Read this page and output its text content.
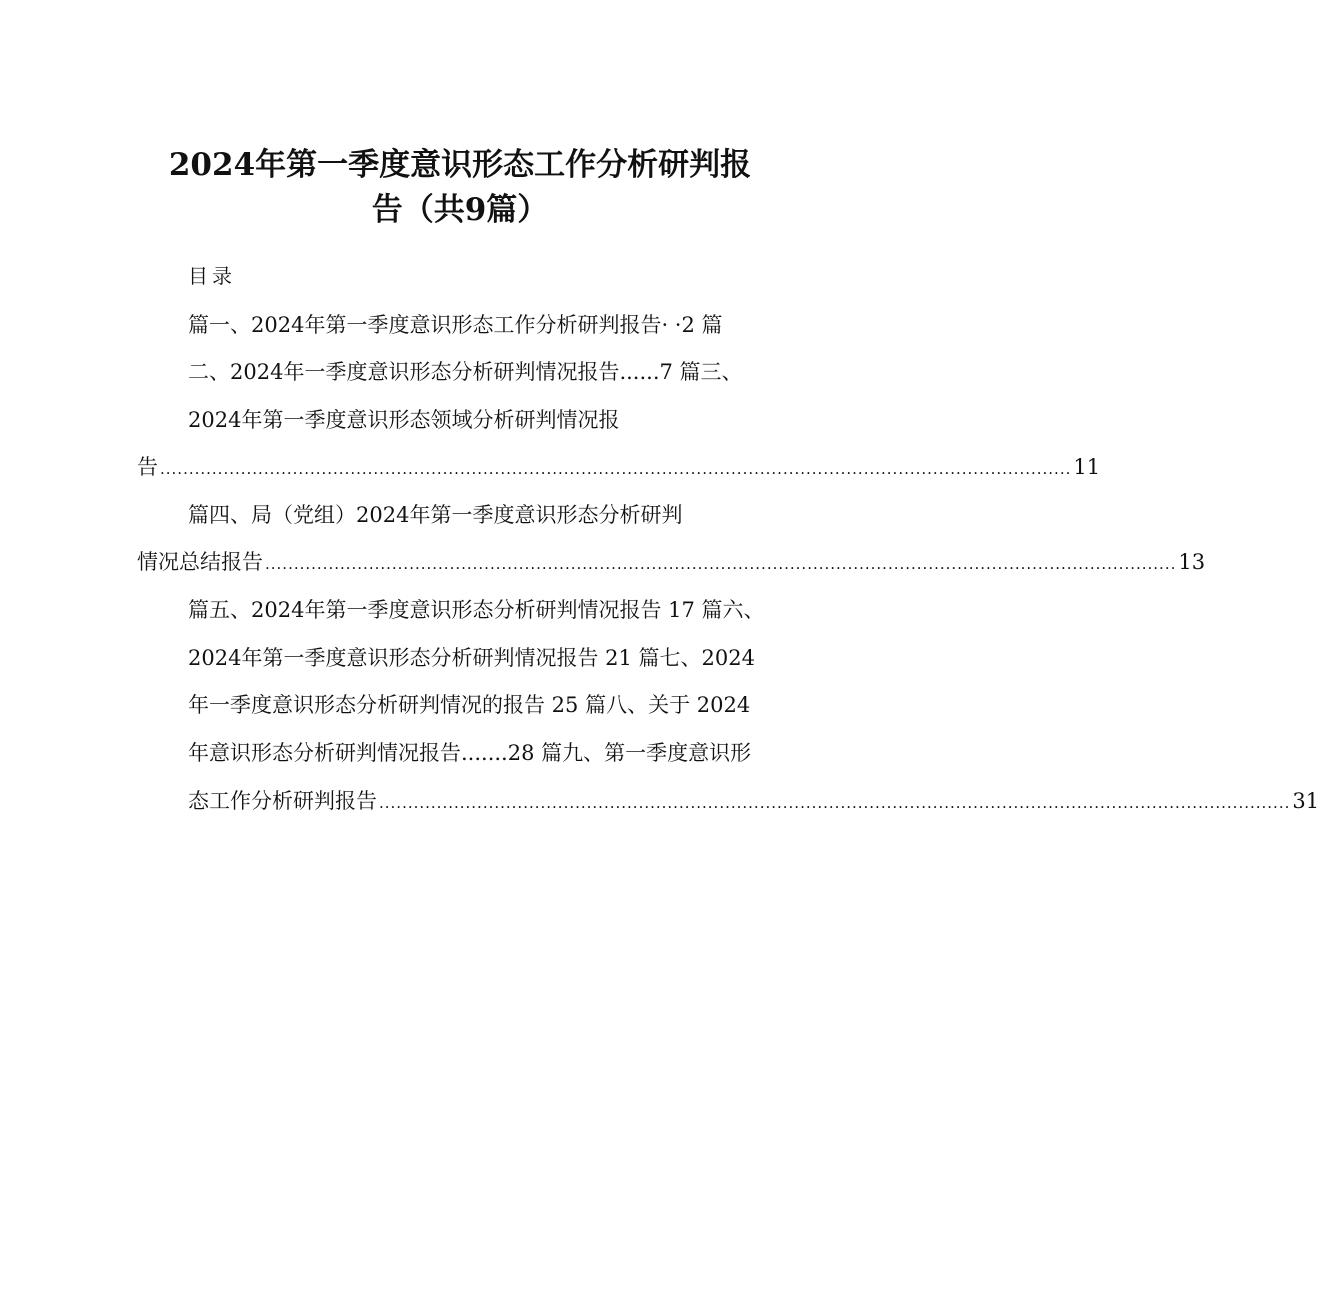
2024年第一季度意识形态工作分析研判报
告（共9篇）
目录
篇一、2024年第一季度意识形态工作分析研判报告· ·2 篇
二、2024年一季度意识形态分析研判情况报告......7 篇三、
2024年第一季度意识形态领域分析研判情况报
告 .............................................................................................................................................................. 11
篇四、局（党组）2024年第一季度意识形态分析研判
情况总结报告 .............................................................................................................................................................. 13
篇五、2024年第一季度意识形态分析研判情况报告 17 篇六、
2024年第一季度意识形态分析研判情况报告 21 篇七、2024
年一季度意识形态分析研判情况的报告 25 篇八、关于 2024
年意识形态分析研判情况报告.......28 篇九、第一季度意识形
态工作分析研判报告 .............................................................................................................................................................. 31
